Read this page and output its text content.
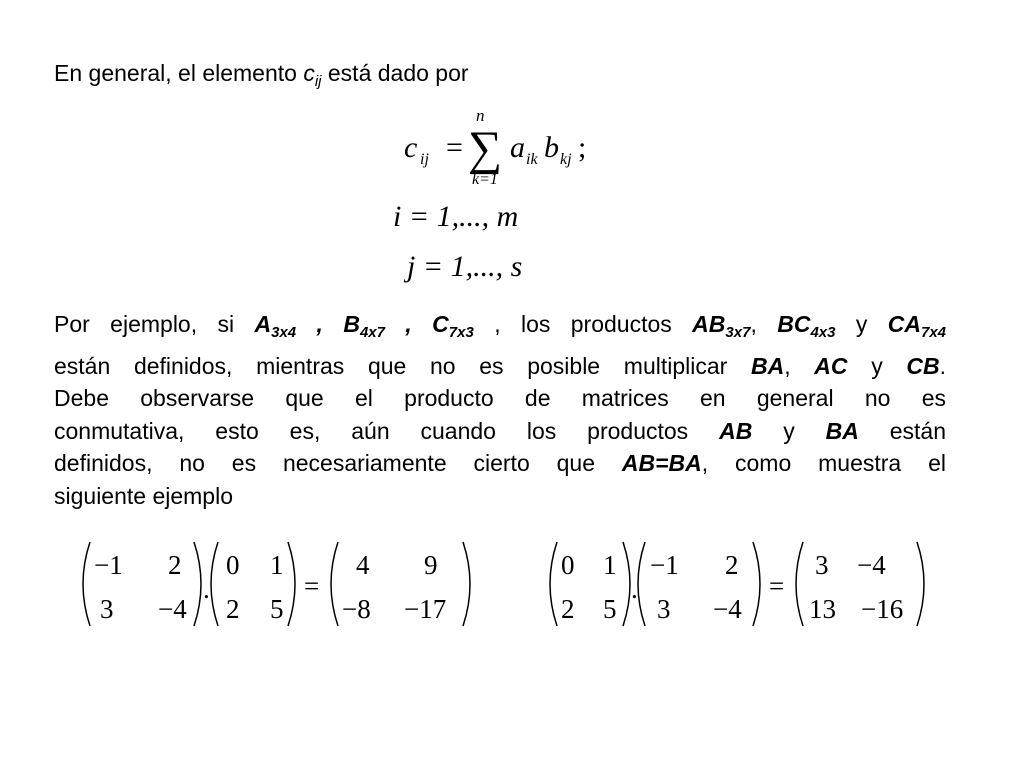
En general, el elemento $c_{ij}$ está dado por
c ij =
n
∑
k=1
a ik b kj ;
i = 1,..., m
j = 1,..., s
Por ejemplo, si $A_{3x4}$ , $B_{4x7}$ , $C_{7x3}$ , los productos $AB_{3x7}$, $BC_{4x3}$ y $CA_{7x4}$
están definidos, mientras que no es posible multiplicar BA, AC y CB.
Debe observarse que el producto de matrices en general no es
conmutativa, esto es, aún cuando los productos AB y BA están
definidos, no es necesariamente cierto que AB=BA, como muestra el
siguiente ejemplo
−1 2
3 −4
.
0 1
2 5
=
4 9
−8 −17
0 1
2 5
.
−1 2
3 −4
=
3 −4
13 −16
